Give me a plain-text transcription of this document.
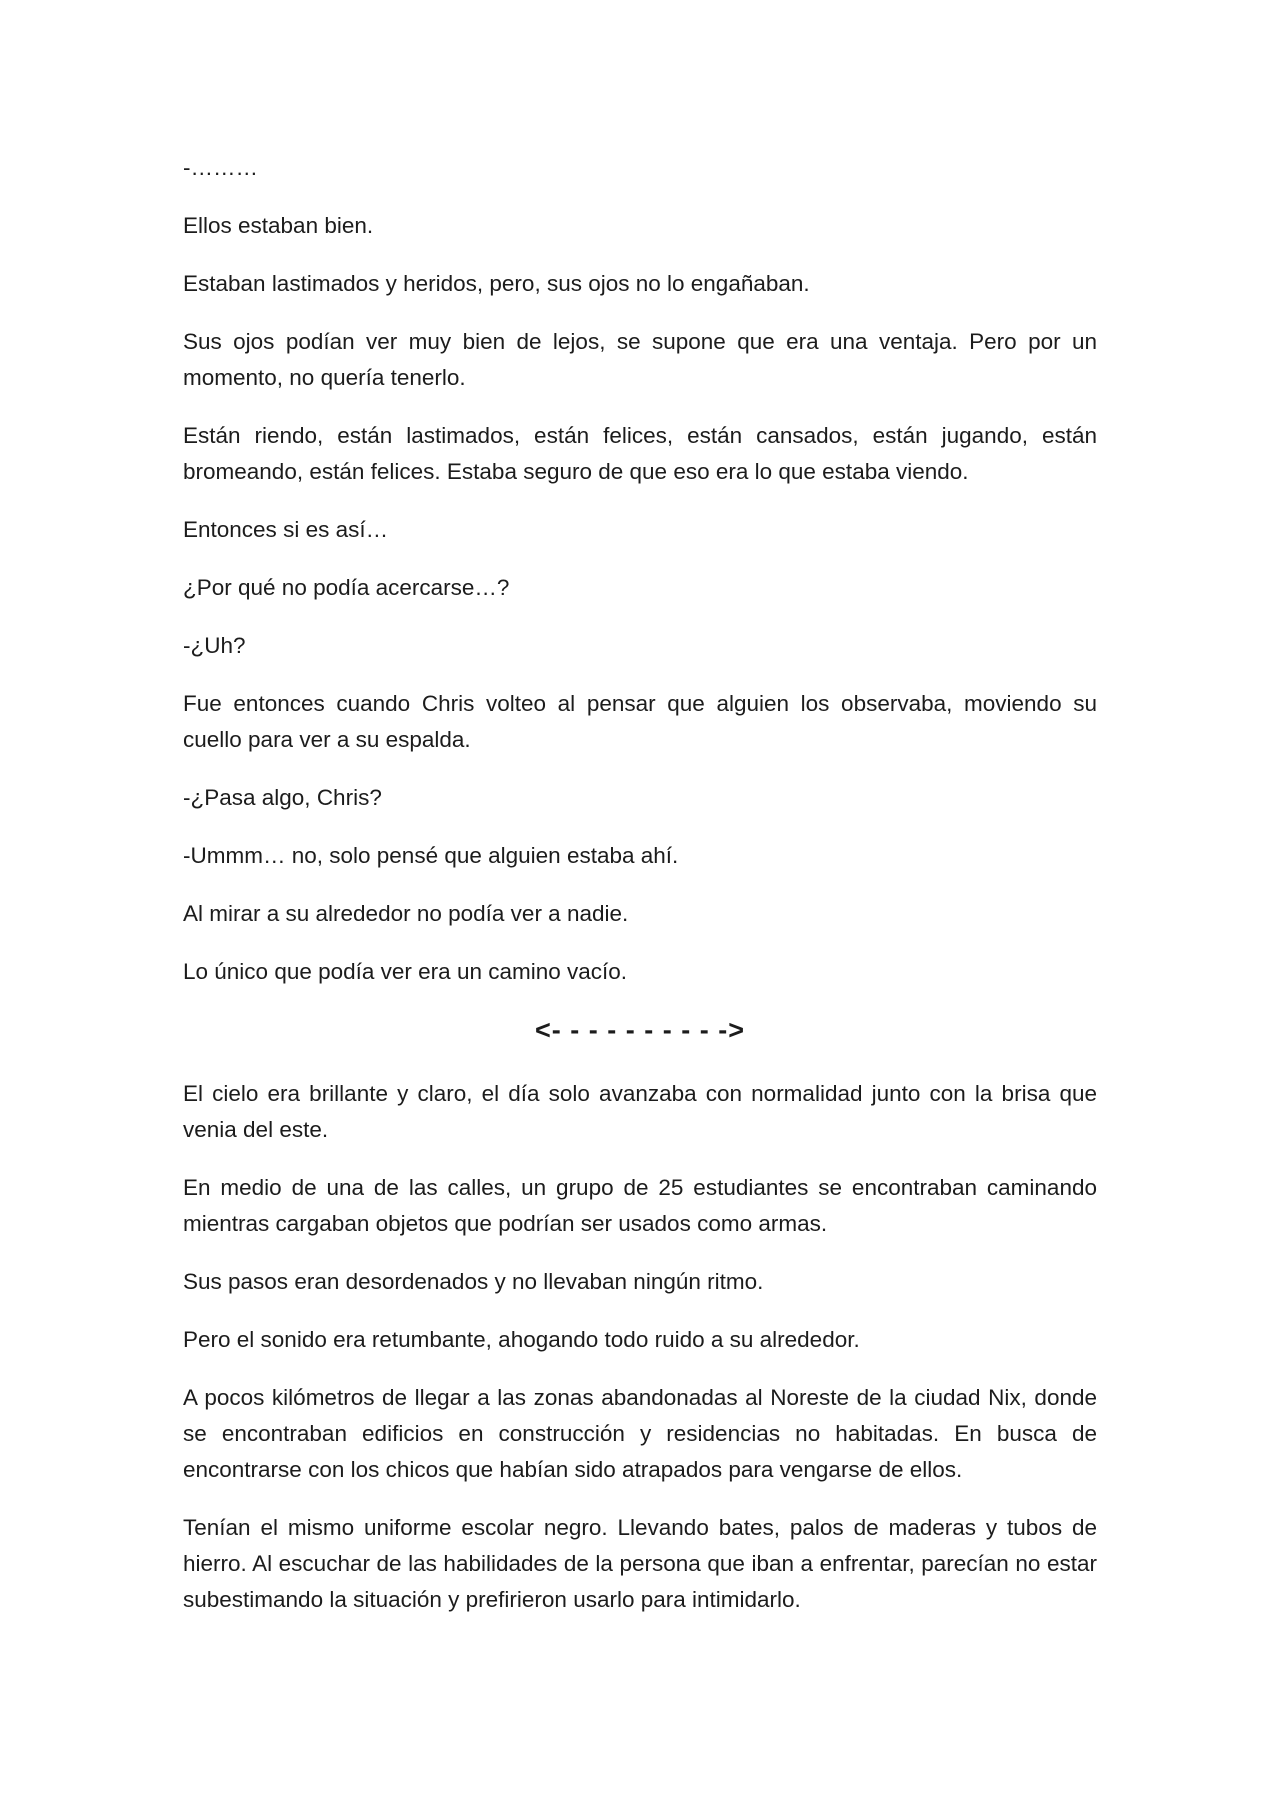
-………

Ellos estaban bien.

Estaban lastimados y heridos, pero, sus ojos no lo engañaban.

Sus ojos podían ver muy bien de lejos, se supone que era una ventaja. Pero por un momento, no quería tenerlo.

Están riendo, están lastimados, están felices, están cansados, están jugando, están bromeando, están felices. Estaba seguro de que eso era lo que estaba viendo.

Entonces si es así…

¿Por qué no podía acercarse…?

-¿Uh?

Fue entonces cuando Chris volteo al pensar que alguien los observaba, moviendo su cuello para ver a su espalda.

-¿Pasa algo, Chris?

-Ummm… no, solo pensé que alguien estaba ahí.

Al mirar a su alrededor no podía ver a nadie.

Lo único que podía ver era un camino vacío.

<- - - - - - - - - ->

El cielo era brillante y claro, el día solo avanzaba con normalidad junto con la brisa que venia del este.

En medio de una de las calles, un grupo de 25 estudiantes se encontraban caminando mientras cargaban objetos que podrían ser usados como armas.

Sus pasos eran desordenados y no llevaban ningún ritmo.

Pero el sonido era retumbante, ahogando todo ruido a su alrededor.

A pocos kilómetros de llegar a las zonas abandonadas al Noreste de la ciudad Nix, donde se encontraban edificios en construcción y residencias no habitadas. En busca de encontrarse con los chicos que habían sido atrapados para vengarse de ellos.

Tenían el mismo uniforme escolar negro. Llevando bates, palos de maderas y tubos de hierro. Al escuchar de las habilidades de la persona que iban a enfrentar, parecían no estar subestimando la situación y prefirieron usarlo para intimidarlo.
